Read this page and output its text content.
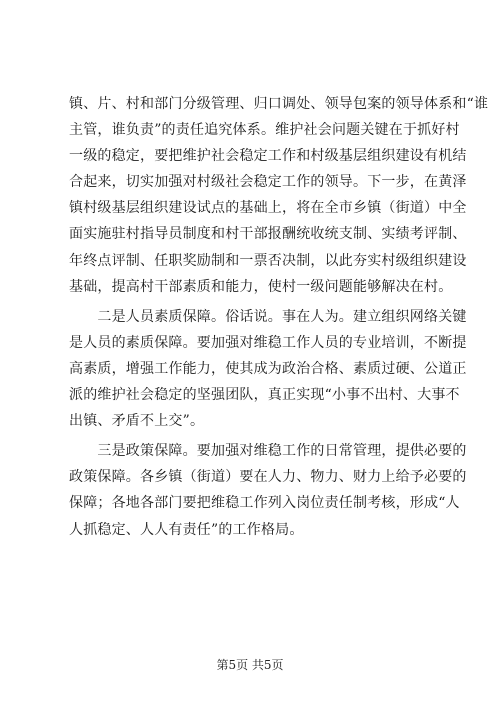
镇、片、村和部门分级管理、归口调处、领导包案的领导体系和“谁
主管，谁负责”的责任追究体系。维护社会问题关键在于抓好村
一级的稳定，要把维护社会稳定工作和村级基层组织建设有机结
合起来，切实加强对村级社会稳定工作的领导。下一步，在黄泽
镇村级基层组织建设试点的基础上，将在全市乡镇（街道）中全
面实施驻村指导员制度和村干部报酬统收统支制、实绩考评制、
年终点评制、任职奖励制和一票否决制，以此夯实村级组织建设
基础，提高村干部素质和能力，使村一级问题能够解决在村。
　　二是人员素质保障。俗话说。事在人为。建立组织网络关键
是人员的素质保障。要加强对维稳工作人员的专业培训，不断提
高素质，增强工作能力，使其成为政治合格、素质过硬、公道正
派的维护社会稳定的坚强团队，真正实现“小事不出村、大事不
出镇、矛盾不上交”。
　　三是政策保障。要加强对维稳工作的日常管理，提供必要的
政策保障。各乡镇（街道）要在人力、物力、财力上给予必要的
保障；各地各部门要把维稳工作列入岗位责任制考核，形成“人
人抓稳定、人人有责任”的工作格局。
第5页 共5页
